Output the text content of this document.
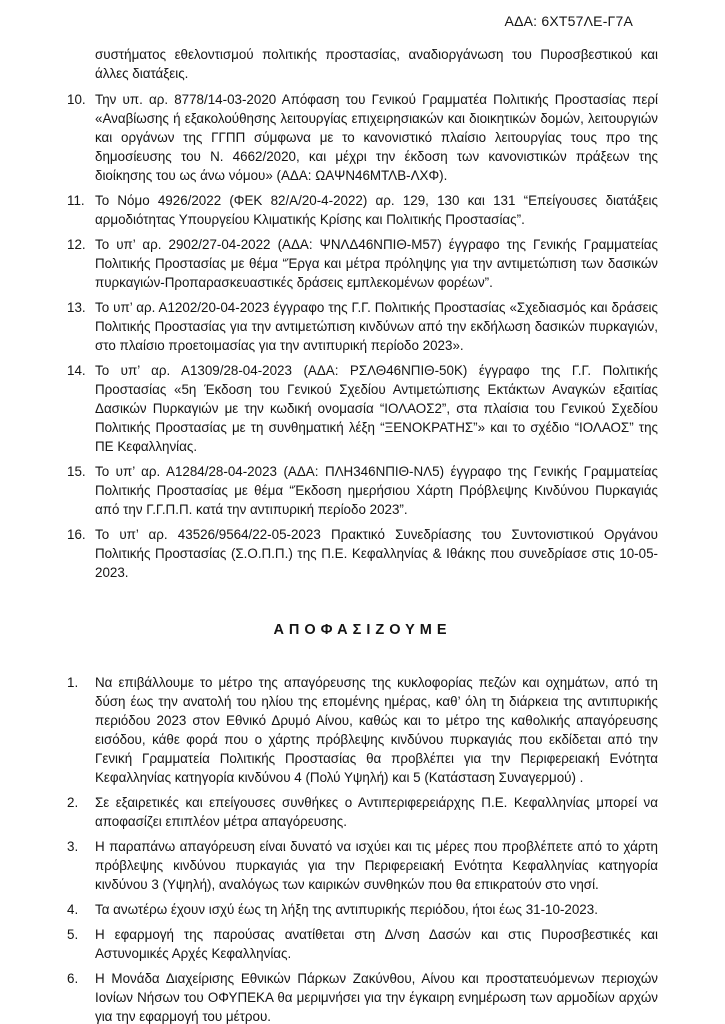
ΑΔΑ: 6ΧΤ57ΛΕ-Γ7Α

συστήματος εθελοντισμού πολιτικής προστασίας, αναδιοργάνωση του Πυροσβεστικού και άλλες διατάξεις.

10. Την υπ. αρ. 8778/14-03-2020 Απόφαση του Γενικού Γραμματέα Πολιτικής Προστασίας περί «Αναβίωσης ή εξακολούθησης λειτουργίας επιχειρησιακών και διοικητικών δομών, λειτουργιών και οργάνων της ΓΓΠΠ σύμφωνα με το κανονιστικό πλαίσιο λειτουργίας τους προ της δημοσίευσης του Ν. 4662/2020, και μέχρι την έκδοση των κανονιστικών πράξεων της διοίκησης του ως άνω νόμου» (ΑΔΑ: ΩΑΨΝ46ΜΤΛΒ-ΛΧΦ).
11. Το Νόμο 4926/2022 (ΦΕΚ 82/Α/20-4-2022) αρ. 129, 130 και 131 “Επείγουσες διατάξεις αρμοδιότητας Υπουργείου Κλιματικής Κρίσης και Πολιτικής Προστασίας”.
12. Το υπ’ αρ. 2902/27-04-2022 (ΑΔΑ: ΨΝΛΔ46ΝΠΙΘ-Μ57) έγγραφο της Γενικής Γραμματείας Πολιτικής Προστασίας με θέμα “Έργα και μέτρα πρόληψης για την αντιμετώπιση των δασικών πυρκαγιών-Προπαρασκευαστικές δράσεις εμπλεκομένων φορέων”.
13. Το υπ’ αρ. Α1202/20-04-2023 έγγραφο της Γ.Γ. Πολιτικής Προστασίας «Σχεδιασμός και δράσεις Πολιτικής Προστασίας για την αντιμετώπιση κινδύνων από την εκδήλωση δασικών πυρκαγιών, στο πλαίσιο προετοιμασίας για την αντιπυρική περίοδο 2023».
14. Το υπ’ αρ. Α1309/28-04-2023 (ΑΔΑ: ΡΣΛΘ46ΝΠΙΘ-50Κ) έγγραφο της Γ.Γ. Πολιτικής Προστασίας «5η Έκδοση του Γενικού Σχεδίου Αντιμετώπισης Εκτάκτων Αναγκών εξαιτίας Δασικών Πυρκαγιών με την κωδική ονομασία “ΙΟΛΑΟΣ2”, στα πλαίσια του Γενικού Σχεδίου Πολιτικής Προστασίας με τη συνθηματική λέξη “ΞΕΝΟΚΡΑΤΗΣ”» και το σχέδιο “ΙΟΛΑΟΣ” της ΠΕ Κεφαλληνίας.
15. Το υπ’ αρ. Α1284/28-04-2023 (ΑΔΑ: ΠΛΗ346ΝΠΙΘ-ΝΛ5) έγγραφο της Γενικής Γραμματείας Πολιτικής Προστασίας με θέμα “Έκδοση ημερήσιου Χάρτη Πρόβλεψης Κινδύνου Πυρκαγιάς από την Γ.Γ.Π.Π. κατά την αντιπυρική περίοδο 2023”.
16. Το υπ’ αρ. 43526/9564/22-05-2023 Πρακτικό Συνεδρίασης του Συντονιστικού Οργάνου Πολιτικής Προστασίας (Σ.Ο.Π.Π.) της Π.Ε. Κεφαλληνίας & Ιθάκης που συνεδρίασε στις 10-05-2023.
ΑΠΟΦΑΣΙΖΟΥΜΕ
1.	Να επιβάλλουμε το μέτρο της απαγόρευσης της κυκλοφορίας πεζών και οχημάτων, από τη δύση έως την ανατολή του ηλίου της επομένης ημέρας, καθ’ όλη τη διάρκεια της αντιπυρικής περιόδου 2023 στον Εθνικό Δρυμό Αίνου, καθώς και το μέτρο της καθολικής απαγόρευσης εισόδου, κάθε φορά που ο χάρτης πρόβλεψης κινδύνου πυρκαγιάς που εκδίδεται από την Γενική Γραμματεία Πολιτικής Προστασίας θα προβλέπει για την Περιφερειακή Ενότητα Κεφαλληνίας κατηγορία κινδύνου 4 (Πολύ Υψηλή) και 5 (Κατάσταση Συναγερμού) .
2.	Σε εξαιρετικές και επείγουσες συνθήκες ο Αντιπεριφερειάρχης Π.Ε. Κεφαλληνίας μπορεί να αποφασίζει επιπλέον μέτρα απαγόρευσης.
3.	Η παραπάνω απαγόρευση είναι δυνατό να ισχύει και τις μέρες που προβλέπετε από το χάρτη πρόβλεψης κινδύνου πυρκαγιάς για την Περιφερειακή Ενότητα Κεφαλληνίας κατηγορία κινδύνου 3 (Υψηλή), αναλόγως των καιρικών συνθηκών που θα επικρατούν στο νησί.
4.	Τα ανωτέρω έχουν ισχύ έως τη λήξη της αντιπυρικής περιόδου, ήτοι έως 31-10-2023.
5.	Η εφαρμογή της παρούσας ανατίθεται στη Δ/νση Δασών και στις Πυροσβεστικές και Αστυνομικές Αρχές Κεφαλληνίας.
6.	Η Μονάδα Διαχείρισης Εθνικών Πάρκων Ζακύνθου, Αίνου και προστατευόμενων περιοχών Ιονίων Νήσων του ΟΦΥΠΕΚΑ θα μεριμνήσει για την έγκαιρη ενημέρωση των αρμοδίων αρχών για την εφαρμογή του μέτρου.
